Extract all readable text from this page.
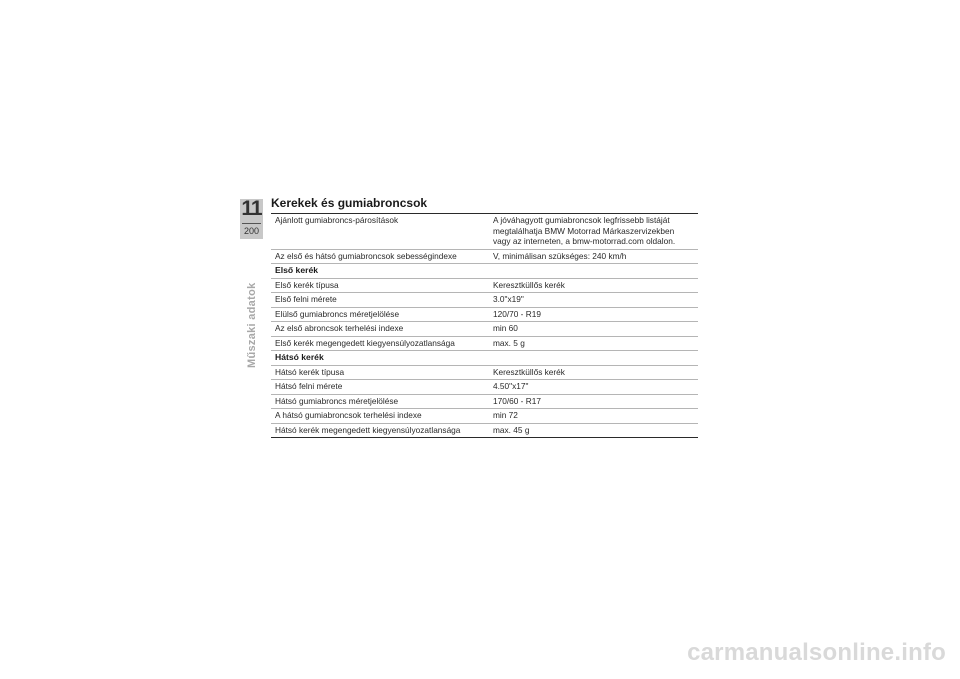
11
200
Műszaki adatok
Kerekek és gumiabroncsok
Ajánlott gumiabroncs-párosítások	A jóváhagyott gumiabroncsok legfrissebb listáját megtalálhatja BMW Motorrad Márkaszervizekben vagy az interneten, a bmw-motorrad.com oldalon.
Az első és hátsó gumiabroncsok sebességindexe	V, minimálisan szükséges: 240 km/h
Első kerék	
Első kerék típusa	Keresztküllős kerék
Első felni mérete	3.0"x19"
Elülső gumiabroncs méretjelölése	120/70 - R19
Az első abroncsok terhelési indexe	min 60
Első kerék megengedett kiegyensúlyozatlansága	max. 5 g
Hátsó kerék	
Hátsó kerék típusa	Keresztküllős kerék
Hátsó felni mérete	4.50"x17"
Hátsó gumiabroncs méretjelölése	170/60 - R17
A hátsó gumiabroncsok terhelési indexe	min 72
Hátsó kerék megengedett kiegyensúlyozatlansága	max. 45 g
carmanualsonline.info
